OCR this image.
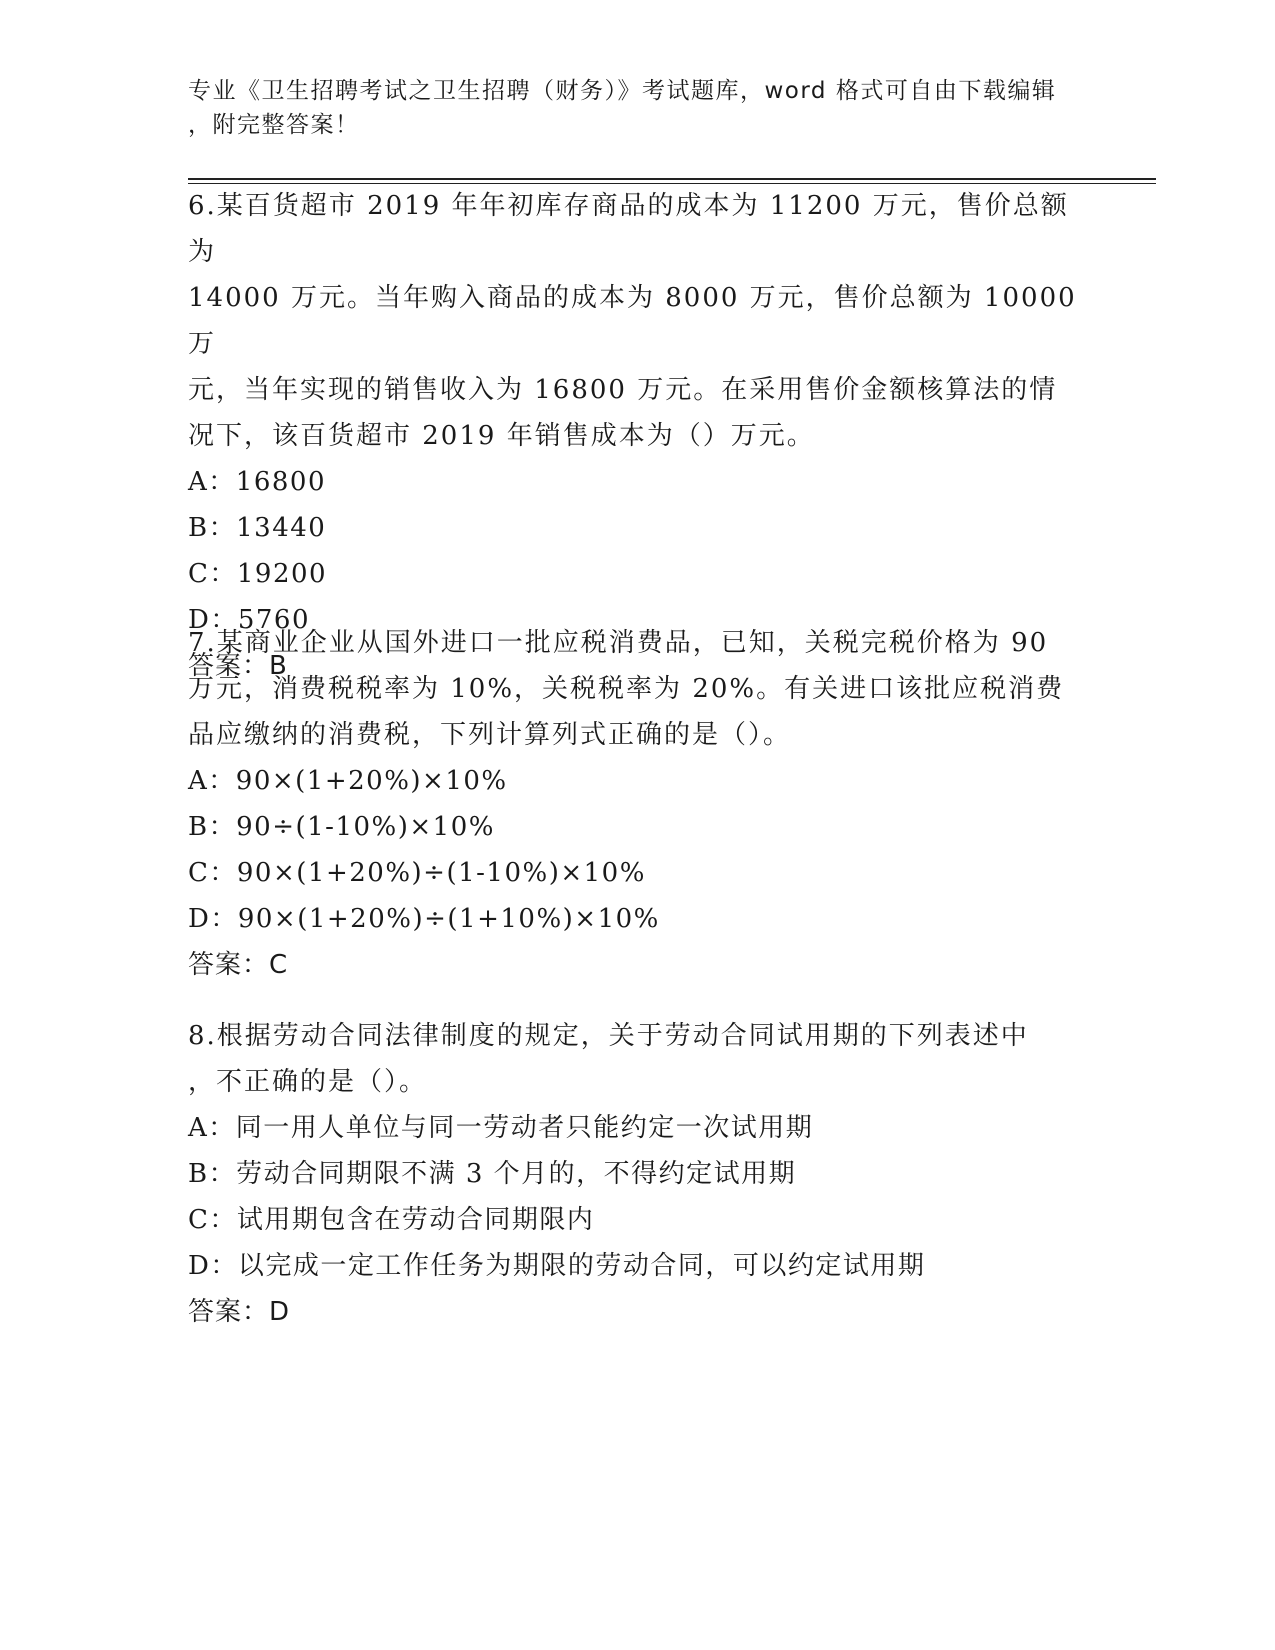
专业《卫生招聘考试之卫生招聘（财务）》考试题库，word 格式可自由下载编辑
，附完整答案！

6.某百货超市 2019 年年初库存商品的成本为 11200 万元，售价总额为

14000 万元。当年购入商品的成本为 8000 万元，售价总额为 10000 万

元，当年实现的销售收入为 16800 万元。在采用售价金额核算法的情

况下，该百货超市 2019 年销售成本为（）万元。

A：16800

B：13440

C：19200

D：5760

答案：B

7.某商业企业从国外进口一批应税消费品，已知，关税完税价格为 90

万元，消费税税率为 10%，关税税率为 20%。有关进口该批应税消费

品应缴纳的消费税，下列计算列式正确的是（）。

A：90×(1+20%)×10%

B：90÷(1-10%)×10%

C：90×(1+20%)÷(1-10%)×10%

D：90×(1+20%)÷(1+10%)×10%

答案：C

8.根据劳动合同法律制度的规定，关于劳动合同试用期的下列表述中

，不正确的是（）。

A：同一用人单位与同一劳动者只能约定一次试用期

B：劳动合同期限不满 3 个月的，不得约定试用期

C：试用期包含在劳动合同期限内

D：以完成一定工作任务为期限的劳动合同，可以约定试用期

答案：D
